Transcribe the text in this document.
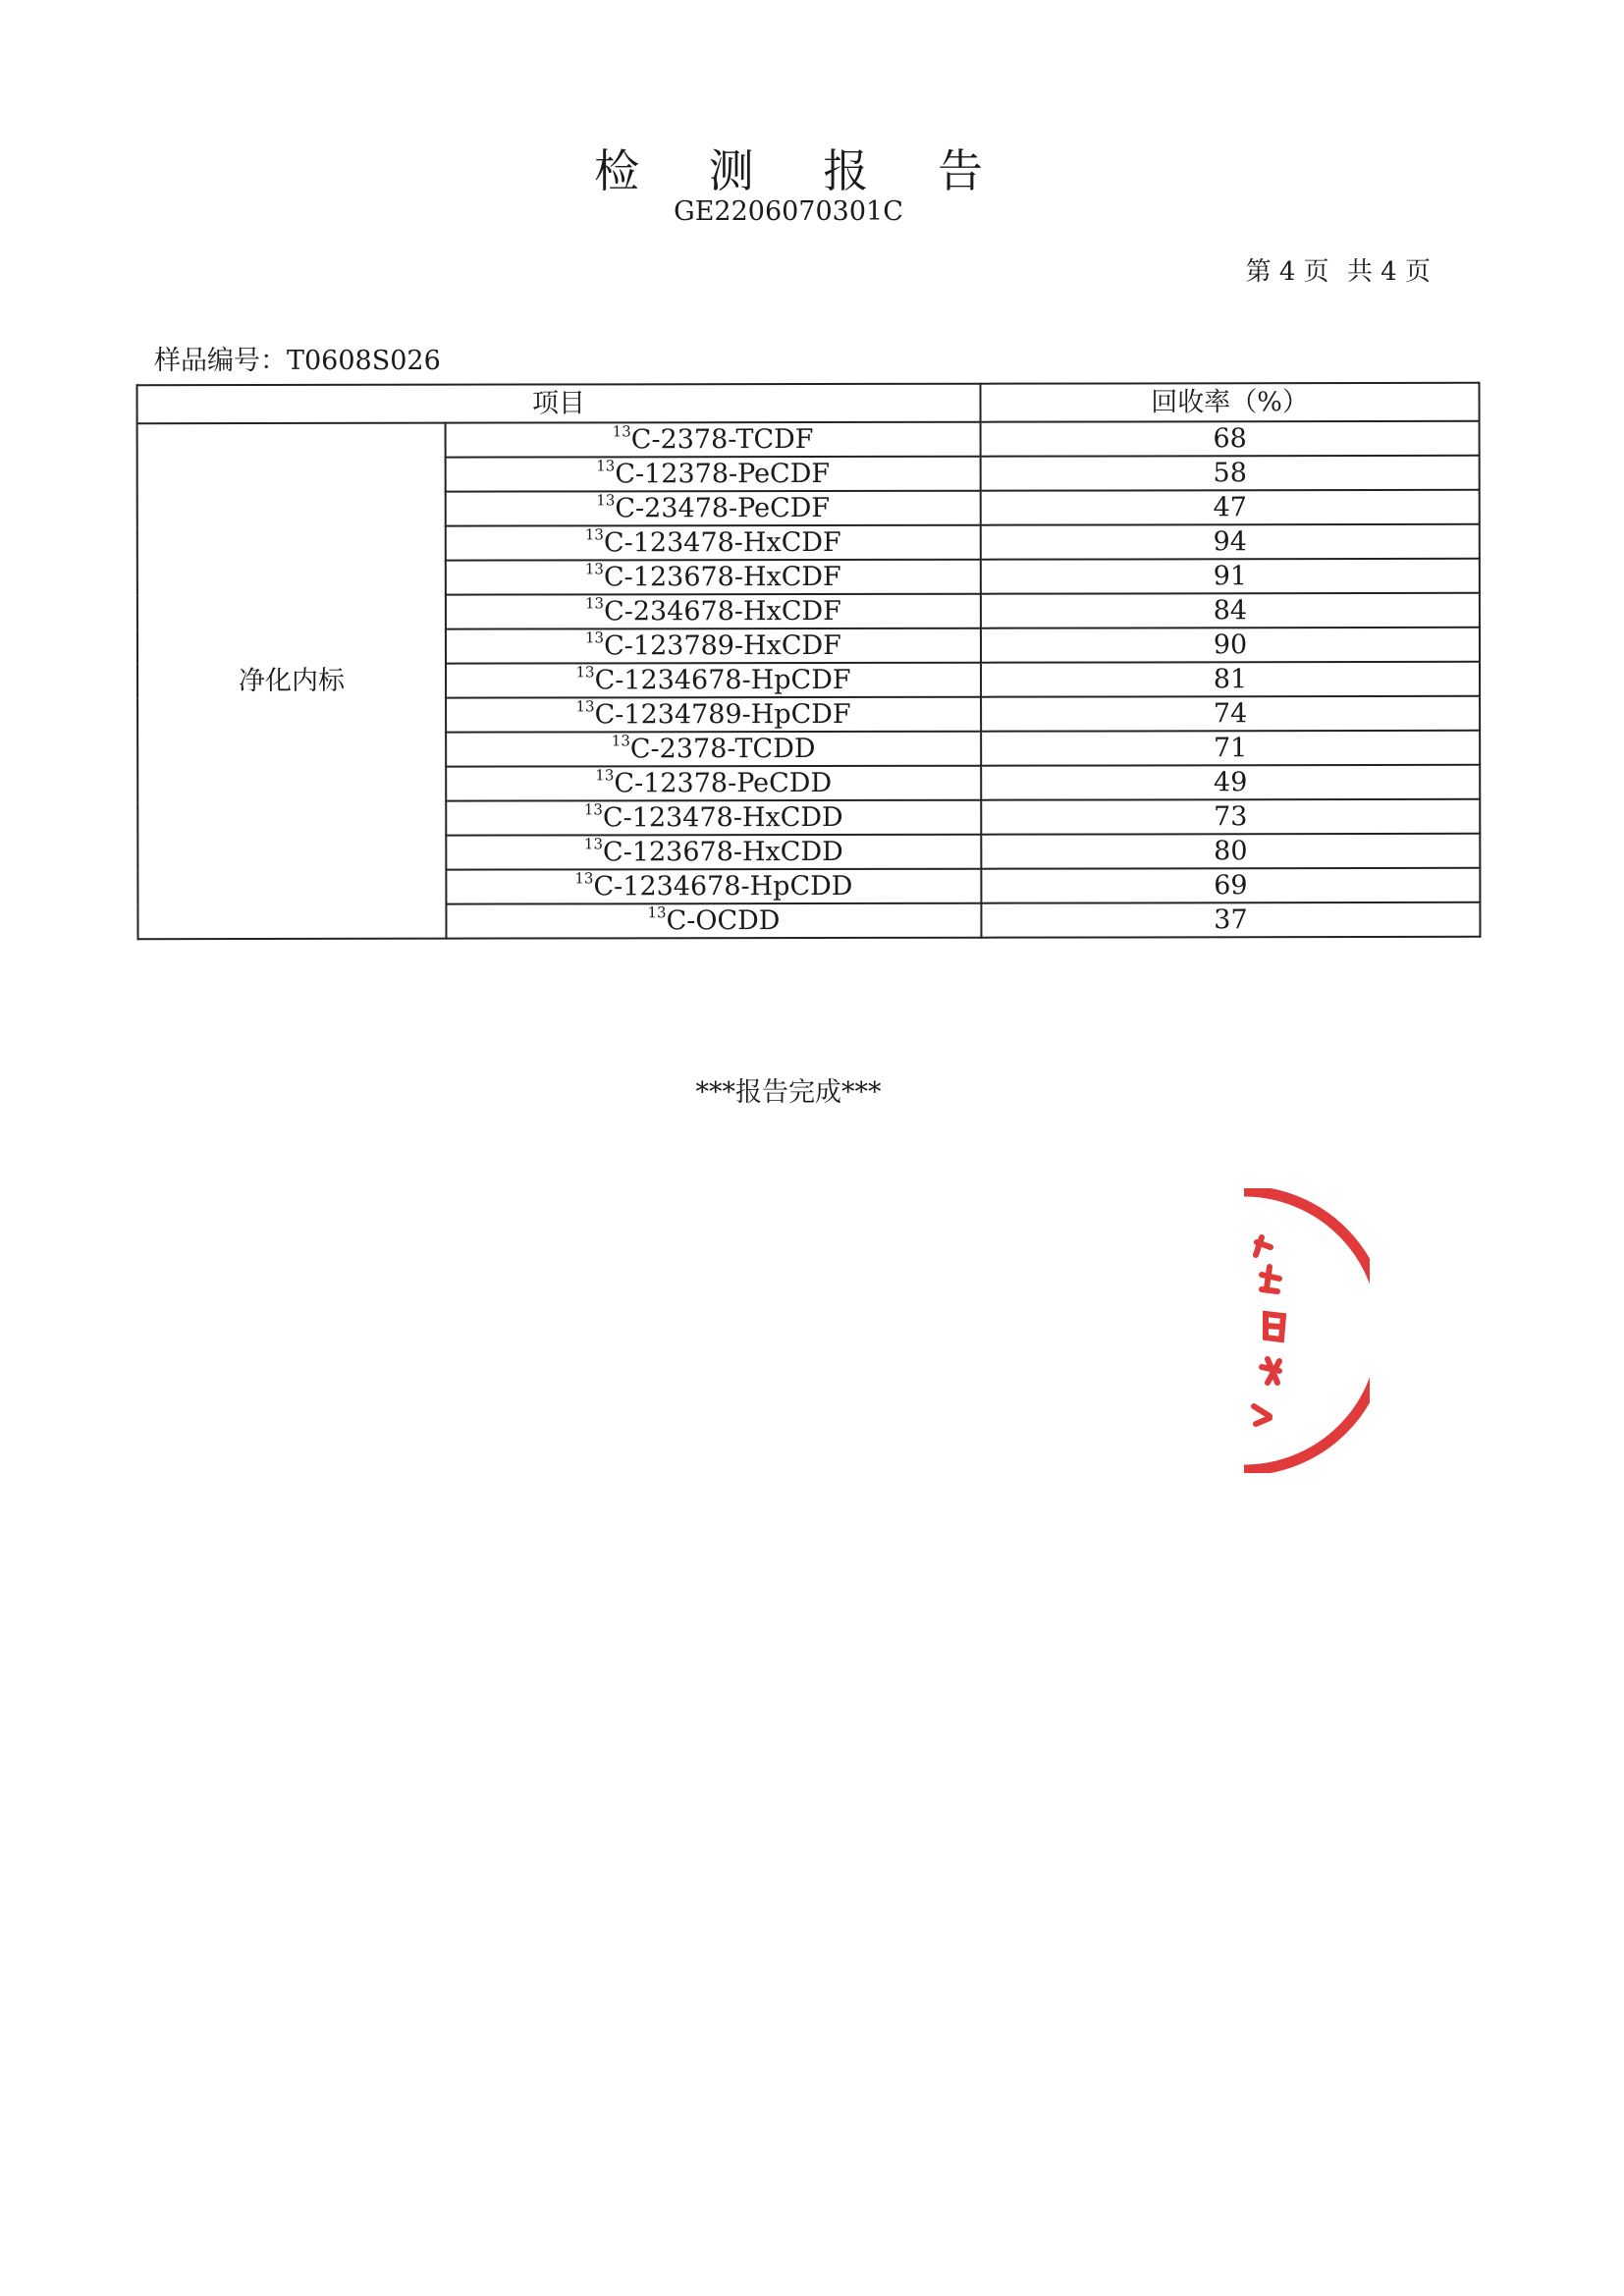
检 测 报 告
GE2206070301C
第 4 页 共 4 页
样品编号：T0608S026
项目		回收率（%）
净化内标	$^{13}$C-2378-TCDF	68
	$^{13}$C-12378-PeCDF	58
	$^{13}$C-23478-PeCDF	47
	$^{13}$C-123478-HxCDF	94
	$^{13}$C-123678-HxCDF	91
	$^{13}$C-234678-HxCDF	84
	$^{13}$C-123789-HxCDF	90
	$^{13}$C-1234678-HpCDF	81
	$^{13}$C-1234789-HpCDF	74
	$^{13}$C-2378-TCDD	71
	$^{13}$C-12378-PeCDD	49
	$^{13}$C-123478-HxCDD	73
	$^{13}$C-123678-HxCDD	80
	$^{13}$C-1234678-HpCDD	69
	$^{13}$C-OCDD	37
***报告完成***
